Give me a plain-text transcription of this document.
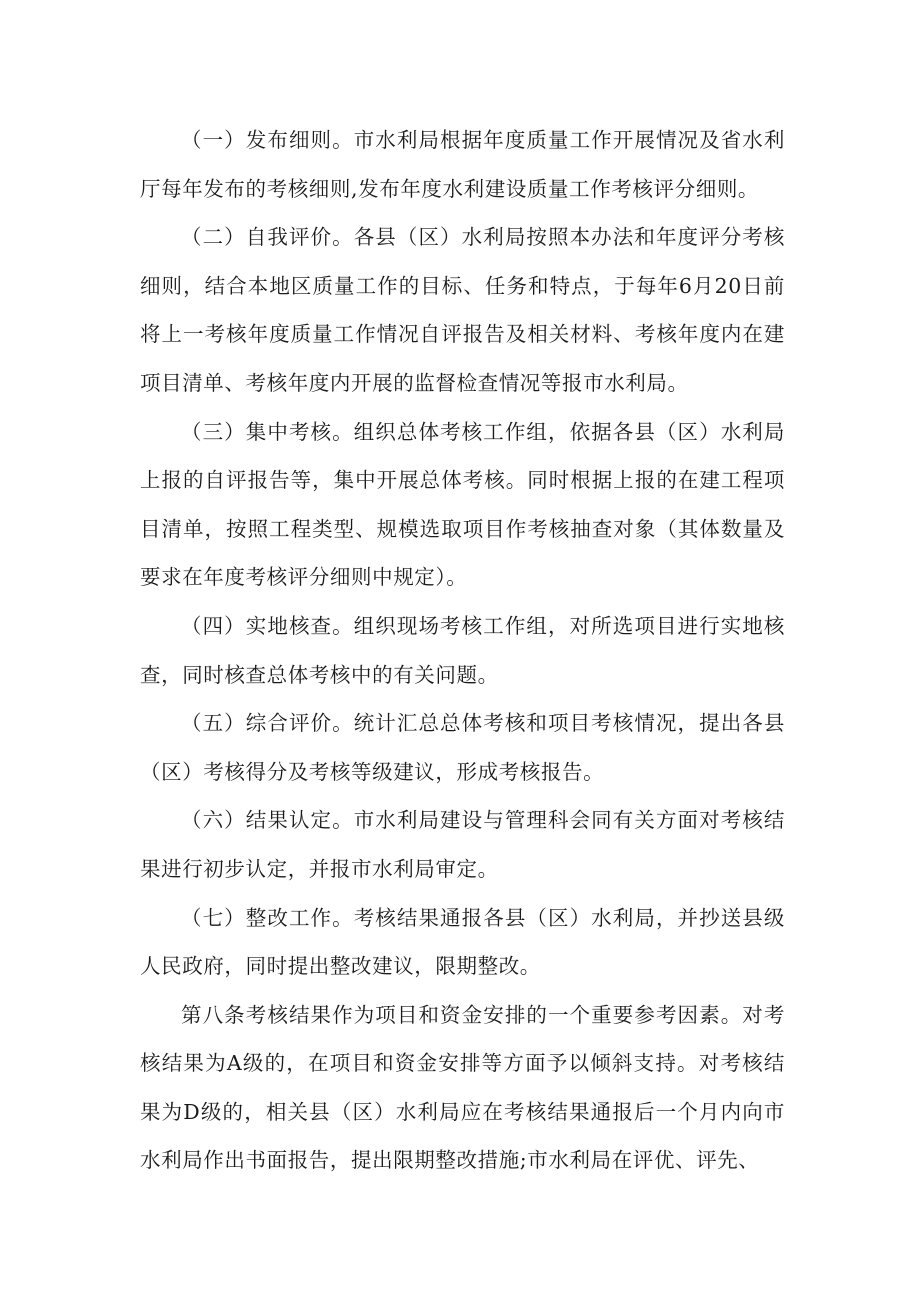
（一）发布细则。市水利局根据年度质量工作开展情况及省水利厅每年发布的考核细则,发布年度水利建设质量工作考核评分细则。

（二）自我评价。各县（区）水利局按照本办法和年度评分考核细则，结合本地区质量工作的目标、任务和特点，于每年6月20日前将上一考核年度质量工作情况自评报告及相关材料、考核年度内在建项目清单、考核年度内开展的监督检查情况等报市水利局。

（三）集中考核。组织总体考核工作组，依据各县（区）水利局上报的自评报告等，集中开展总体考核。同时根据上报的在建工程项目清单，按照工程类型、规模选取项目作考核抽查对象（其体数量及要求在年度考核评分细则中规定）。

（四）实地核查。组织现场考核工作组，对所选项目进行实地核查，同时核查总体考核中的有关问题。

（五）综合评价。统计汇总总体考核和项目考核情况，提出各县（区）考核得分及考核等级建议，形成考核报告。

（六）结果认定。市水利局建设与管理科会同有关方面对考核结果进行初步认定，并报市水利局审定。

（七）整改工作。考核结果通报各县（区）水利局，并抄送县级人民政府，同时提出整改建议，限期整改。

第八条考核结果作为项目和资金安排的一个重要参考因素。对考核结果为A级的，在项目和资金安排等方面予以倾斜支持。对考核结果为D级的，相关县（区）水利局应在考核结果通报后一个月内向市水利局作出书面报告，提出限期整改措施;市水利局在评优、评先、
